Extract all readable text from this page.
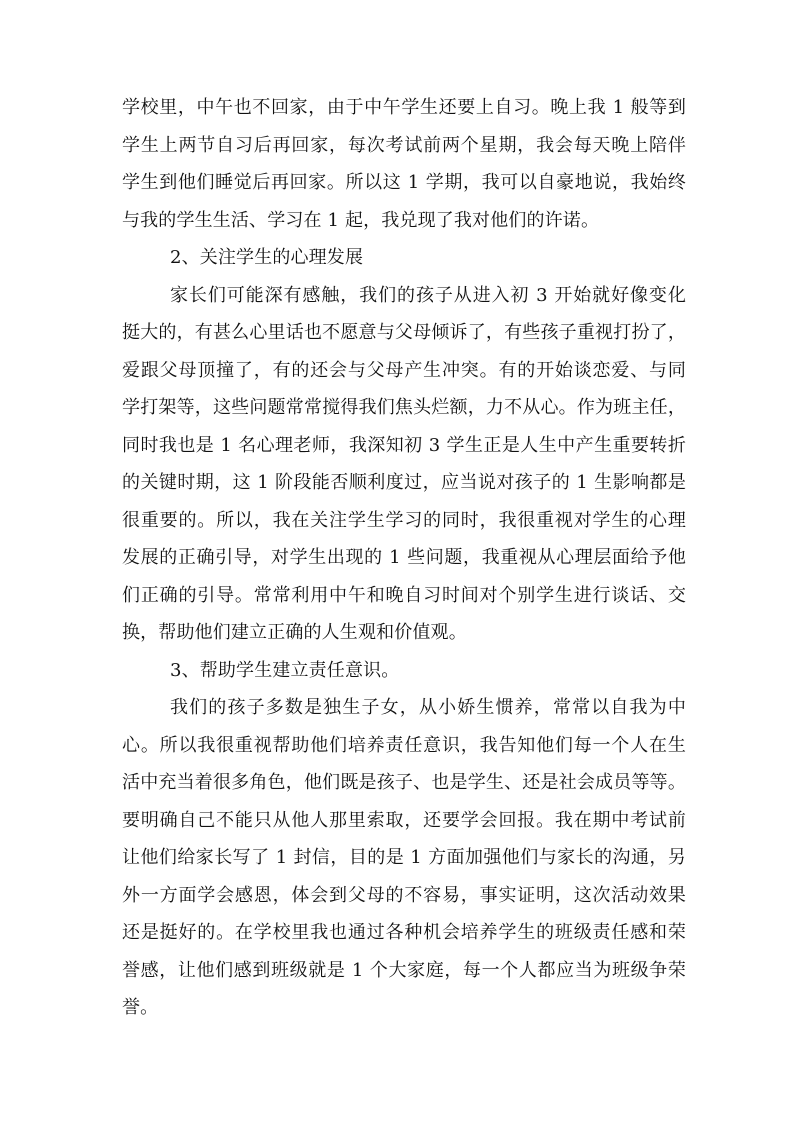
学校里，中午也不回家，由于中午学生还要上自习。晚上我 1 般等到
学生上两节自习后再回家，每次考试前两个星期，我会每天晚上陪伴
学生到他们睡觉后再回家。所以这 1 学期，我可以自豪地说，我始终
与我的学生生活、学习在 1 起，我兑现了我对他们的许诺。
2、关注学生的心理发展
家长们可能深有感触，我们的孩子从进入初 3 开始就好像变化
挺大的，有甚么心里话也不愿意与父母倾诉了，有些孩子重视打扮了，
爱跟父母顶撞了，有的还会与父母产生冲突。有的开始谈恋爱、与同
学打架等，这些问题常常搅得我们焦头烂额，力不从心。作为班主任，
同时我也是 1 名心理老师，我深知初 3 学生正是人生中产生重要转折
的关键时期，这 1 阶段能否顺利度过，应当说对孩子的 1 生影响都是
很重要的。所以，我在关注学生学习的同时，我很重视对学生的心理
发展的正确引导，对学生出现的 1 些问题，我重视从心理层面给予他
们正确的引导。常常利用中午和晚自习时间对个别学生进行谈话、交
换，帮助他们建立正确的人生观和价值观。
3、帮助学生建立责任意识。
我们的孩子多数是独生子女，从小娇生惯养，常常以自我为中
心。所以我很重视帮助他们培养责任意识，我告知他们每一个人在生
活中充当着很多角色，他们既是孩子、也是学生、还是社会成员等等。
要明确自己不能只从他人那里索取，还要学会回报。我在期中考试前
让他们给家长写了 1 封信，目的是 1 方面加强他们与家长的沟通，另
外一方面学会感恩，体会到父母的不容易，事实证明，这次活动效果
还是挺好的。在学校里我也通过各种机会培养学生的班级责任感和荣
誉感，让他们感到班级就是 1 个大家庭，每一个人都应当为班级争荣
誉。
